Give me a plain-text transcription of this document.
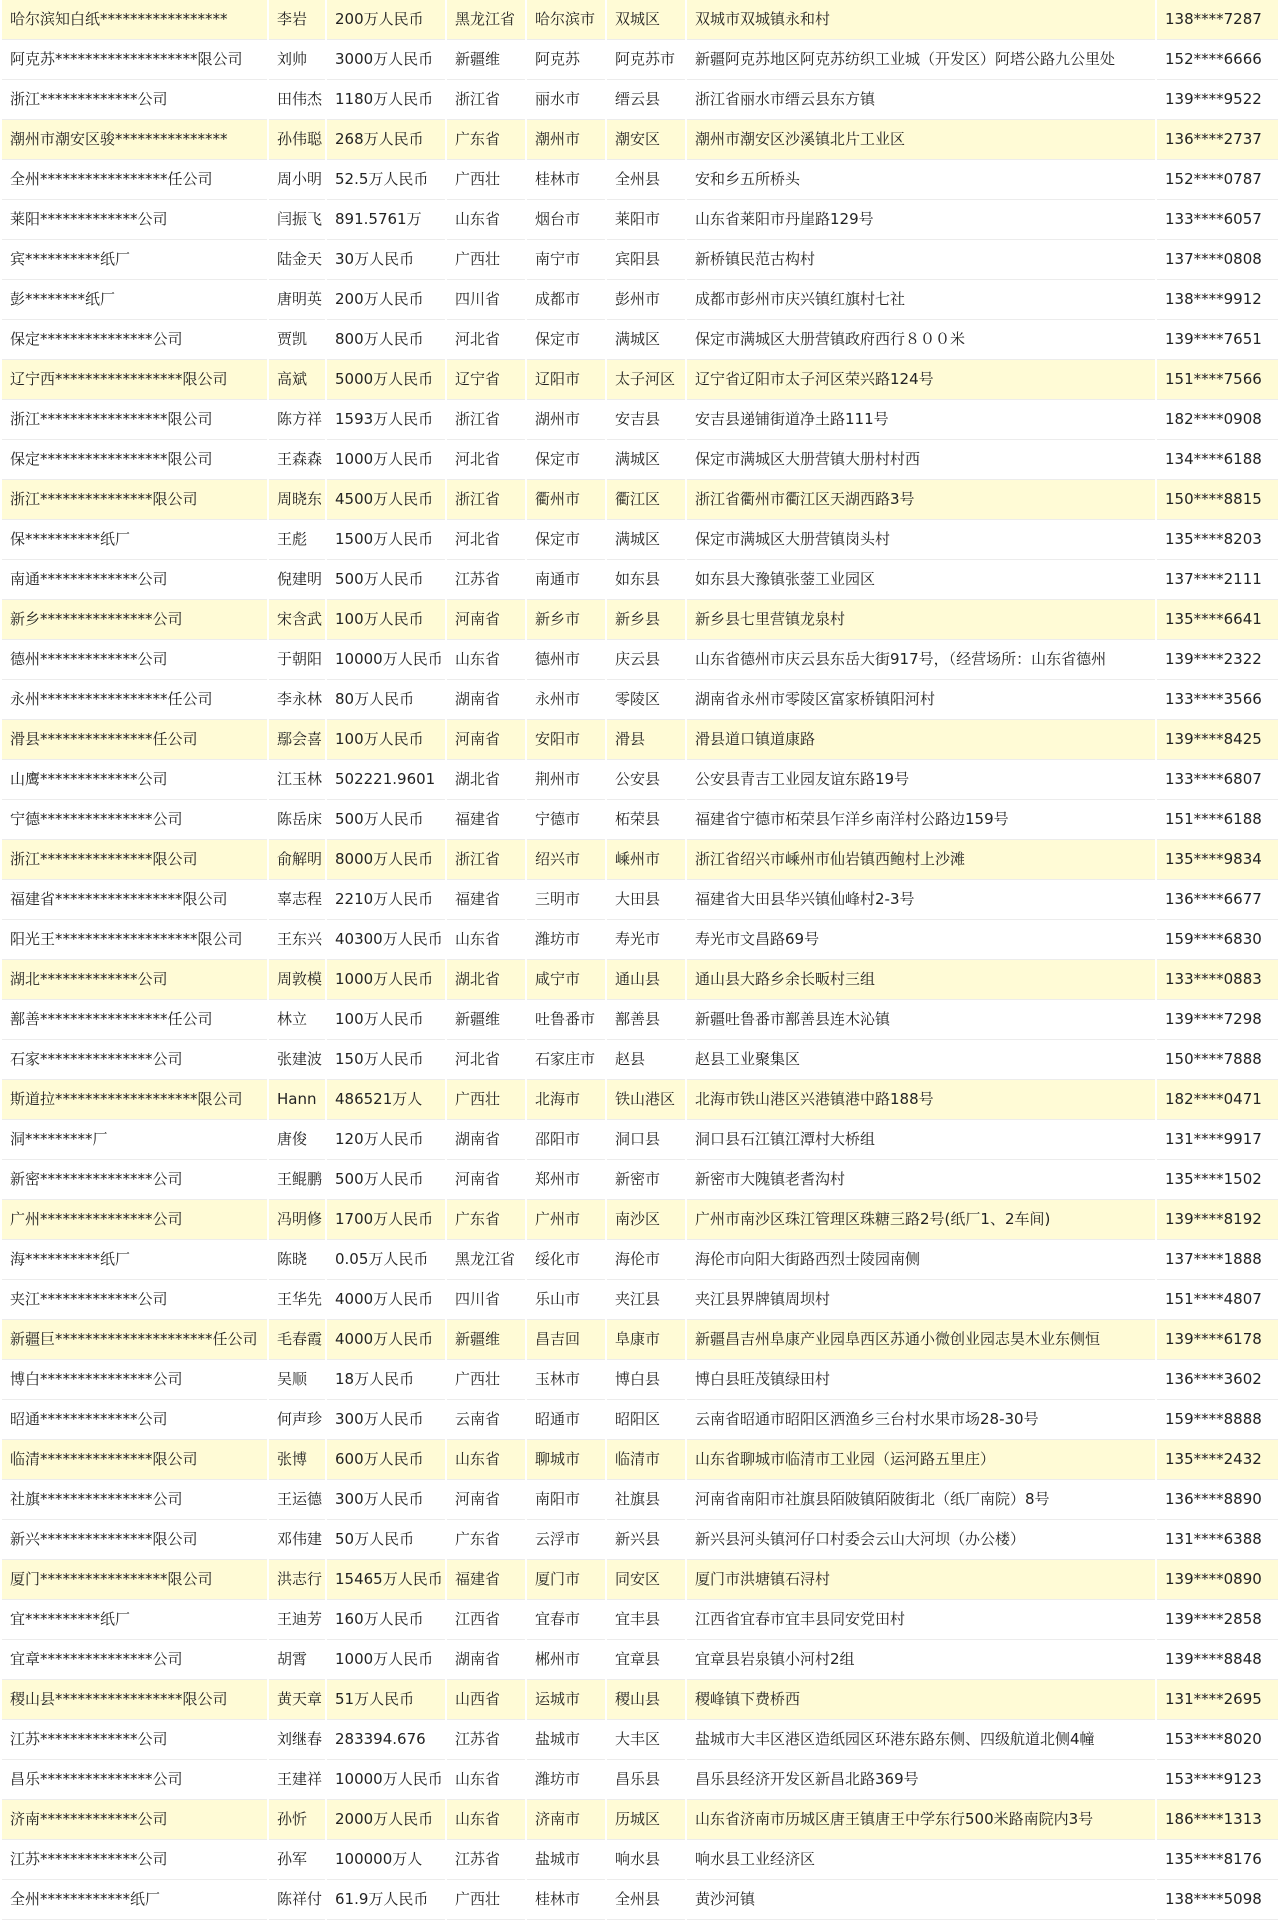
哈尔滨知白纸*****************	李岩	200万人民币	黑龙江省	哈尔滨市	双城区	双城市双城镇永和村	138****7287
阿克苏*******************限公司	刘帅	3000万人民币	新疆维	阿克苏	阿克苏市	新疆阿克苏地区阿克苏纺织工业城（开发区）阿塔公路九公里处	152****6666
浙江*************公司	田伟杰	1180万人民币	浙江省	丽水市	缙云县	浙江省丽水市缙云县东方镇	139****9522
潮州市潮安区骏***************	孙伟聪	268万人民币	广东省	潮州市	潮安区	潮州市潮安区沙溪镇北片工业区	136****2737
全州*****************任公司	周小明	52.5万人民币	广西壮	桂林市	全州县	安和乡五所桥头	152****0787
莱阳*************公司	闫振飞	891.5761万	山东省	烟台市	莱阳市	山东省莱阳市丹崖路129号	133****6057
宾**********纸厂	陆金天	30万人民币	广西壮	南宁市	宾阳县	新桥镇民范古构村	137****0808
彭********纸厂	唐明英	200万人民币	四川省	成都市	彭州市	成都市彭州市庆兴镇红旗村七社	138****9912
保定***************公司	贾凯	800万人民币	河北省	保定市	满城区	保定市满城区大册营镇政府西行８００米	139****7651
辽宁西*****************限公司	高斌	5000万人民币	辽宁省	辽阳市	太子河区	辽宁省辽阳市太子河区荣兴路124号	151****7566
浙江*****************限公司	陈方祥	1593万人民币	浙江省	湖州市	安吉县	安吉县递铺街道净土路111号	182****0908
保定*****************限公司	王森森	1000万人民币	河北省	保定市	满城区	保定市满城区大册营镇大册村村西	134****6188
浙江***************限公司	周晓东	4500万人民币	浙江省	衢州市	衢江区	浙江省衢州市衢江区天湖西路3号	150****8815
保**********纸厂	王彪	1500万人民币	河北省	保定市	满城区	保定市满城区大册营镇岗头村	135****8203
南通*************公司	倪建明	500万人民币	江苏省	南通市	如东县	如东县大豫镇张蓥工业园区	137****2111
新乡***************公司	宋含武	100万人民币	河南省	新乡市	新乡县	新乡县七里营镇龙泉村	135****6641
德州*************公司	于朝阳	10000万人民币	山东省	德州市	庆云县	山东省德州市庆云县东岳大街917号，（经营场所：山东省德州	139****2322
永州*****************任公司	李永林	80万人民币	湖南省	永州市	零陵区	湖南省永州市零陵区富家桥镇阳河村	133****3566
滑县***************任公司	鄢会喜	100万人民币	河南省	安阳市	滑县	滑县道口镇道康路	139****8425
山鹰*************公司	江玉林	502221.9601	湖北省	荆州市	公安县	公安县青吉工业园友谊东路19号	133****6807
宁德***************公司	陈岳床	500万人民币	福建省	宁德市	柘荣县	福建省宁德市柘荣县乍洋乡南洋村公路边159号	151****6188
浙江***************限公司	俞解明	8000万人民币	浙江省	绍兴市	嵊州市	浙江省绍兴市嵊州市仙岩镇西鲍村上沙滩	135****9834
福建省*****************限公司	辜志程	2210万人民币	福建省	三明市	大田县	福建省大田县华兴镇仙峰村2-3号	136****6677
阳光王*******************限公司	王东兴	40300万人民币	山东省	潍坊市	寿光市	寿光市文昌路69号	159****6830
湖北*************公司	周敦模	1000万人民币	湖北省	咸宁市	通山县	通山县大路乡余长畈村三组	133****0883
鄯善*****************任公司	林立	100万人民币	新疆维	吐鲁番市	鄯善县	新疆吐鲁番市鄯善县连木沁镇	139****7298
石家***************公司	张建波	150万人民币	河北省	石家庄市	赵县	赵县工业聚集区	150****7888
斯道拉*******************限公司	Hann	486521万人	广西壮	北海市	铁山港区	北海市铁山港区兴港镇港中路188号	182****0471
洞*********厂	唐俊	120万人民币	湖南省	邵阳市	洞口县	洞口县石江镇江潭村大桥组	131****9917
新密***************公司	王鲲鹏	500万人民币	河南省	郑州市	新密市	新密市大隗镇老耆沟村	135****1502
广州***************公司	冯明修	1700万人民币	广东省	广州市	南沙区	广州市南沙区珠江管理区珠糖三路2号(纸厂1、2车间)	139****8192
海**********纸厂	陈晓	0.05万人民币	黑龙江省	绥化市	海伦市	海伦市向阳大街路西烈士陵园南侧	137****1888
夹江*************公司	王华先	4000万人民币	四川省	乐山市	夹江县	夹江县界牌镇周坝村	151****4807
新疆巨*********************任公司	毛春霞	4000万人民币	新疆维	昌吉回	阜康市	新疆昌吉州阜康产业园阜西区苏通小微创业园志昊木业东侧恒	139****6178
博白***************公司	吴顺	18万人民币	广西壮	玉林市	博白县	博白县旺茂镇绿田村	136****3602
昭通*************公司	何声珍	300万人民币	云南省	昭通市	昭阳区	云南省昭通市昭阳区洒渔乡三台村水果市场28-30号	159****8888
临清***************限公司	张博	600万人民币	山东省	聊城市	临清市	山东省聊城市临清市工业园（运河路五里庄）	135****2432
社旗***************公司	王运德	300万人民币	河南省	南阳市	社旗县	河南省南阳市社旗县陌陂镇陌陂街北（纸厂南院）8号	136****8890
新兴***************限公司	邓伟建	50万人民币	广东省	云浮市	新兴县	新兴县河头镇河仔口村委会云山大河坝（办公楼）	131****6388
厦门*****************限公司	洪志行	15465万人民币	福建省	厦门市	同安区	厦门市洪塘镇石浔村	139****0890
宜**********纸厂	王迪芳	160万人民币	江西省	宜春市	宜丰县	江西省宜春市宜丰县同安党田村	139****2858
宜章***************公司	胡霄	1000万人民币	湖南省	郴州市	宜章县	宜章县岩泉镇小河村2组	139****8848
稷山县*****************限公司	黄天章	51万人民币	山西省	运城市	稷山县	稷峰镇下费桥西	131****2695
江苏*************公司	刘继春	283394.676	江苏省	盐城市	大丰区	盐城市大丰区港区造纸园区环港东路东侧、四级航道北侧4幢	153****8020
昌乐***************公司	王建祥	10000万人民币	山东省	潍坊市	昌乐县	昌乐县经济开发区新昌北路369号	153****9123
济南*************公司	孙忻	2000万人民币	山东省	济南市	历城区	山东省济南市历城区唐王镇唐王中学东行500米路南院内3号	186****1313
江苏*************公司	孙军	100000万人	江苏省	盐城市	响水县	响水县工业经济区	135****8176
全州************纸厂	陈祥付	61.9万人民币	广西壮	桂林市	全州县	黄沙河镇	138****5098
